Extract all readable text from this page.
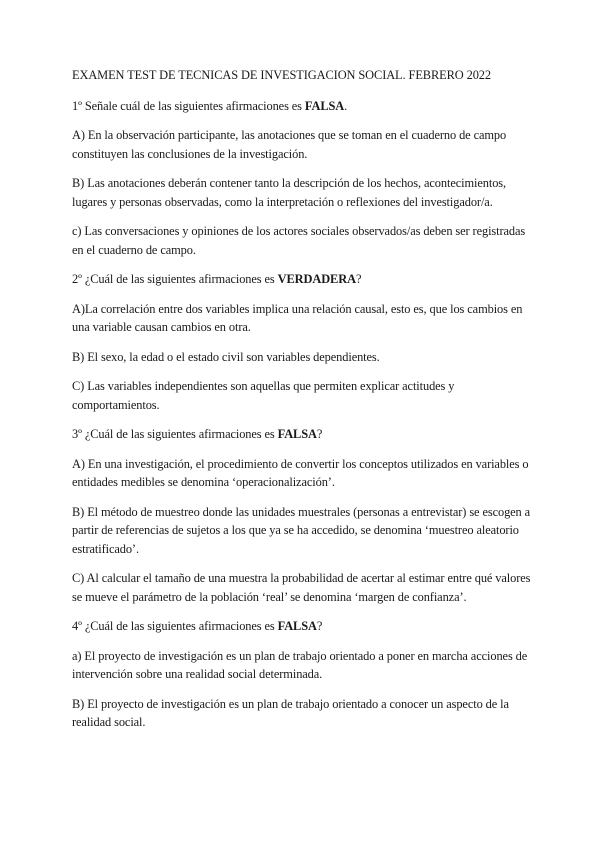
EXAMEN TEST DE TECNICAS DE INVESTIGACION SOCIAL. FEBRERO 2022

1º Señale cuál de las siguientes afirmaciones es FALSA.

A) En la observación participante, las anotaciones que se toman en el cuaderno de campo constituyen las conclusiones de la investigación.

B) Las anotaciones deberán contener tanto la descripción de los hechos, acontecimientos, lugares y personas observadas, como la interpretación o reflexiones del investigador/a.

c) Las conversaciones y opiniones de los actores sociales observados/as deben ser registradas en el cuaderno de campo.

2º ¿Cuál de las siguientes afirmaciones es VERDADERA?

A)La correlación entre dos variables implica una relación causal, esto es, que los cambios en una variable causan cambios en otra.

B) El sexo, la edad o el estado civil son variables dependientes.

C) Las variables independientes son aquellas que permiten explicar actitudes y comportamientos.

3º ¿Cuál de las siguientes afirmaciones es FALSA?

A) En una investigación, el procedimiento de convertir los conceptos utilizados en variables o entidades medibles se denomina ‘operacionalización’.

B) El método de muestreo donde las unidades muestrales (personas a entrevistar) se escogen a partir de referencias de sujetos a los que ya se ha accedido, se denomina ‘muestreo aleatorio estratificado’.

C) Al calcular el tamaño de una muestra la probabilidad de acertar al estimar entre qué valores se mueve el parámetro de la población ‘real’ se denomina ‘margen de confianza’.

4º ¿Cuál de las siguientes afirmaciones es FALSA?

a) El proyecto de investigación es un plan de trabajo orientado a poner en marcha acciones de intervención sobre una realidad social determinada.

B) El proyecto de investigación es un plan de trabajo orientado a conocer un aspecto de la realidad social.
